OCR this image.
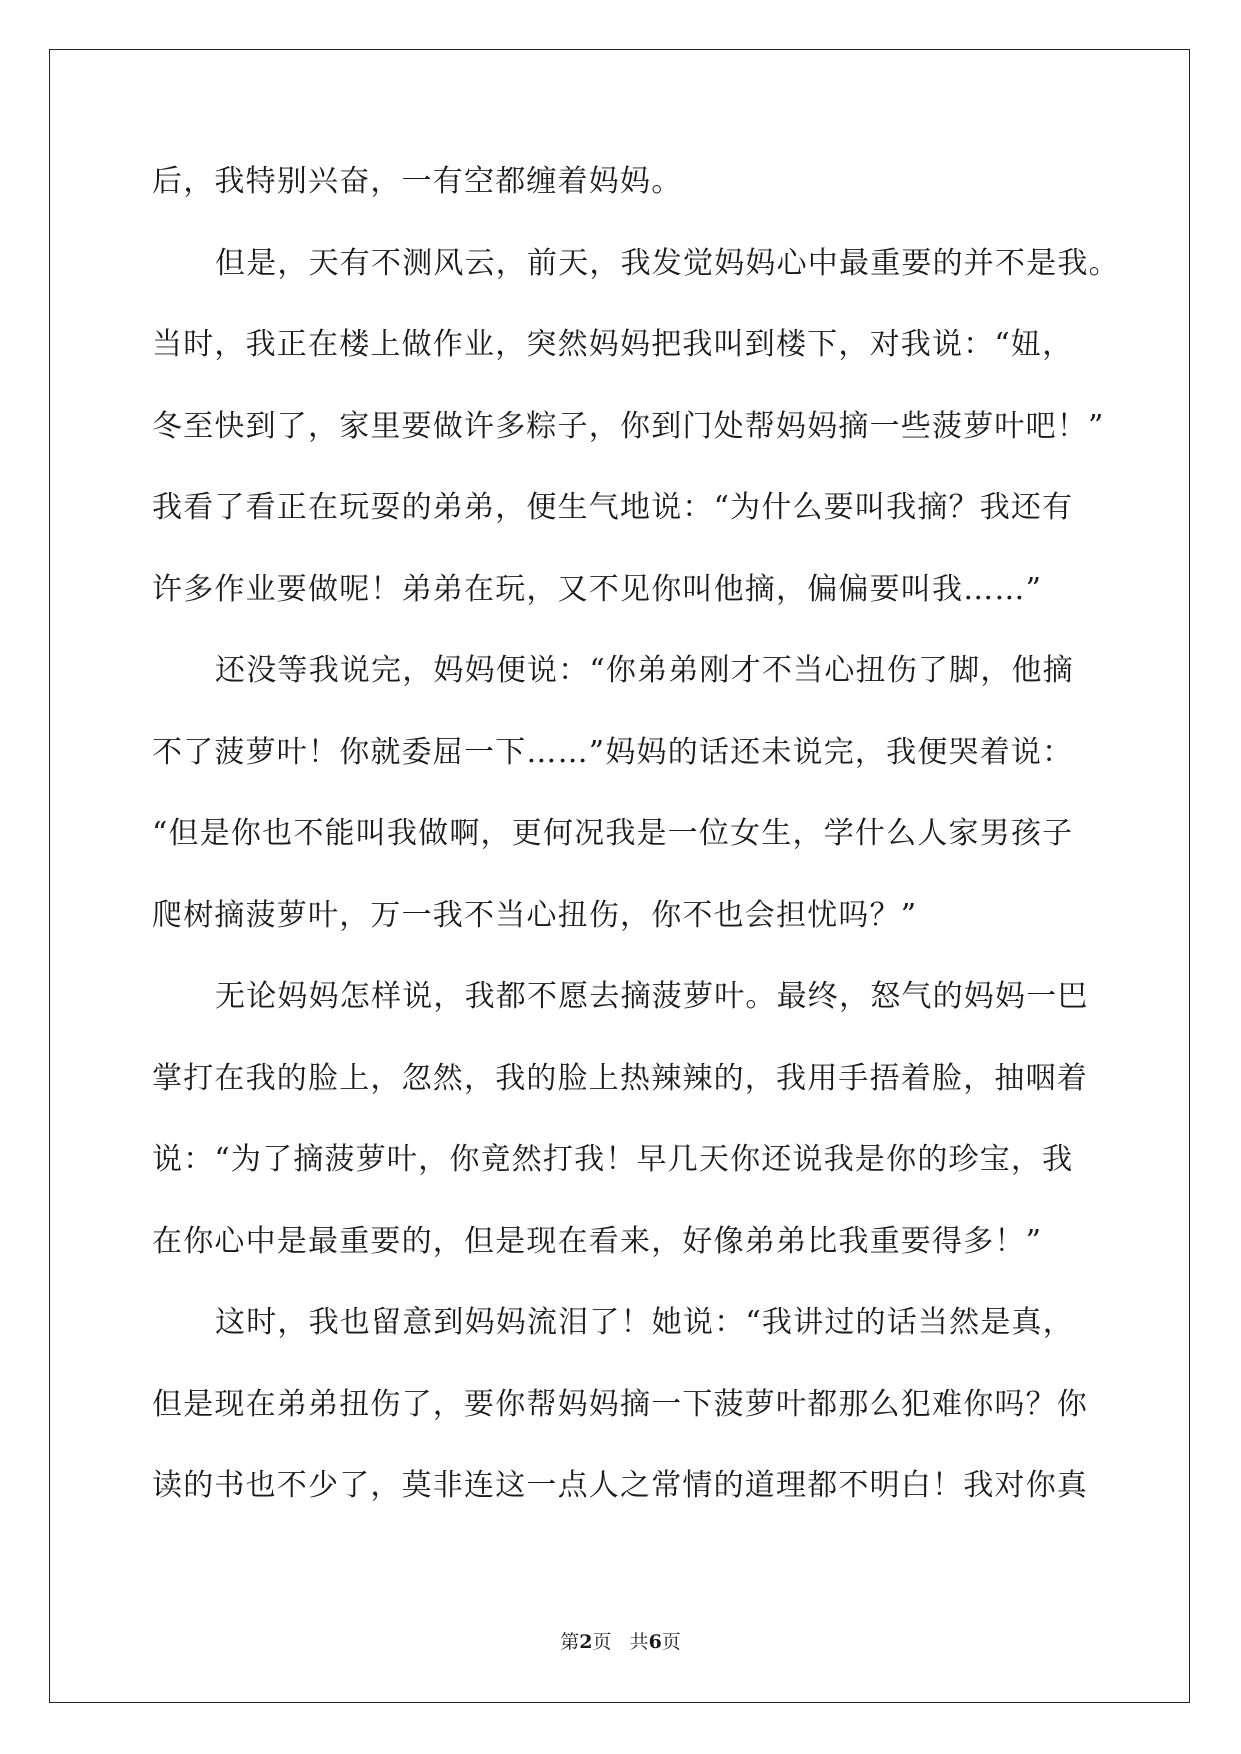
后，我特别兴奋，一有空都缠着妈妈。
但是，天有不测风云，前天，我发觉妈妈心中最重要的并不是我。
当时，我正在楼上做作业，突然妈妈把我叫到楼下，对我说：“妞，
冬至快到了，家里要做许多粽子，你到门处帮妈妈摘一些菠萝叶吧！”
我看了看正在玩耍的弟弟，便生气地说：“为什么要叫我摘？我还有
许多作业要做呢！弟弟在玩，又不见你叫他摘，偏偏要叫我……”
还没等我说完，妈妈便说：“你弟弟刚才不当心扭伤了脚，他摘
不了菠萝叶！你就委屈一下……”妈妈的话还未说完，我便哭着说：
“但是你也不能叫我做啊，更何况我是一位女生，学什么人家男孩子
爬树摘菠萝叶，万一我不当心扭伤，你不也会担忧吗？”
无论妈妈怎样说，我都不愿去摘菠萝叶。最终，怒气的妈妈一巴
掌打在我的脸上，忽然，我的脸上热辣辣的，我用手捂着脸，抽咽着
说：“为了摘菠萝叶，你竟然打我！早几天你还说我是你的珍宝，我
在你心中是最重要的，但是现在看来，好像弟弟比我重要得多！”
这时，我也留意到妈妈流泪了！她说：“我讲过的话当然是真，
但是现在弟弟扭伤了，要你帮妈妈摘一下菠萝叶都那么犯难你吗？你
读的书也不少了，莫非连这一点人之常情的道理都不明白！我对你真
第2页   共6页
